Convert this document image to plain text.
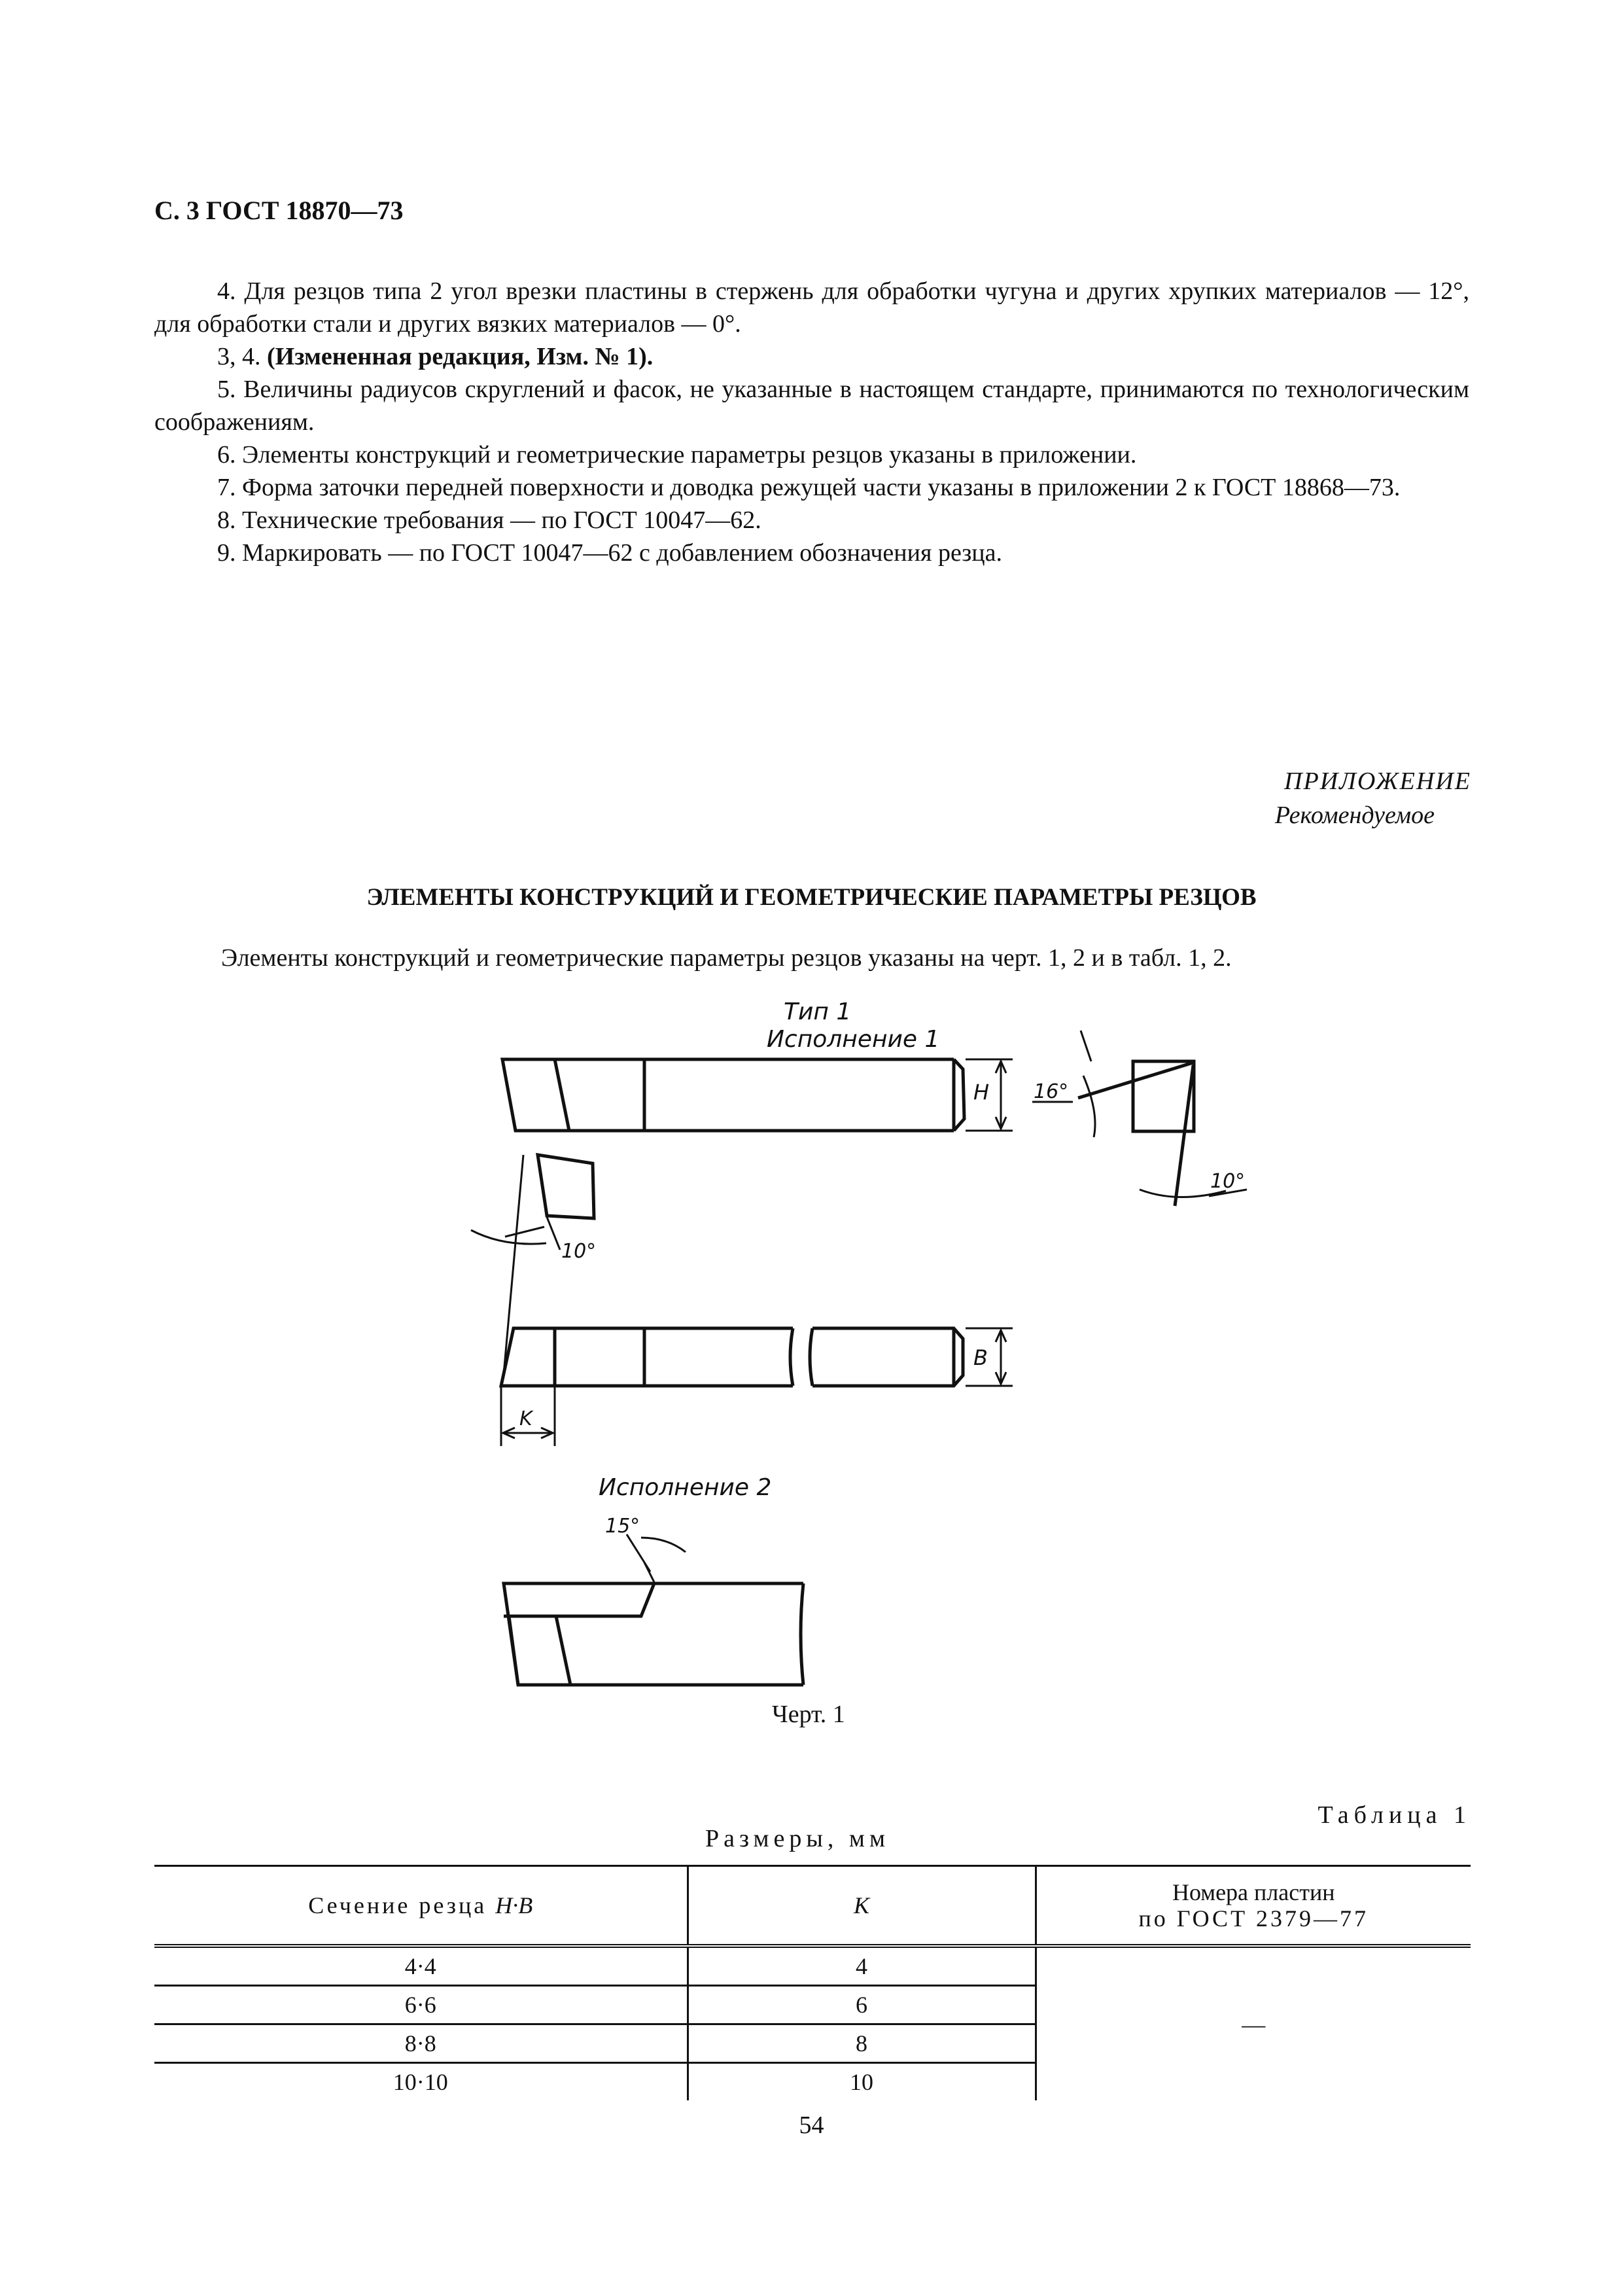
С. 3 ГОСТ 18870—73

4. Для резцов типа 2 угол врезки пластины в стержень для обработки чугуна и других хрупких материалов — 12°, для обработки стали и других вязких материалов — 0°.

3, 4. (Измененная редакция, Изм. № 1).

5. Величины радиусов скруглений и фасок, не указанные в настоящем стандарте, принимаются по технологическим соображениям.

6. Элементы конструкций и геометрические параметры резцов указаны в приложении.

7. Форма заточки передней поверхности и доводка режущей части указаны в приложении 2 к ГОСТ 18868—73.

8. Технические требования — по ГОСТ 10047—62.

9. Маркировать — по ГОСТ 10047—62 с добавлением обозначения резца.

ПРИЛОЖЕНИЕ
Рекомендуемое
ЭЛЕМЕНТЫ КОНСТРУКЦИЙ И ГЕОМЕТРИЧЕСКИЕ ПАРАМЕТРЫ РЕЗЦОВ
Элементы конструкций и геометрические параметры резцов указаны на черт. 1, 2 и в табл. 1, 2.
Тип 1
Исполнение 1
H
B
K
16°
10°
10°
15°
Исполнение 2
Черт. 1
Таблица 1
Размеры, мм
Сечение резца H·B	K	Номера пластин
по ГОСТ 2379—77
4·4	4	—
6·6	6	
8·8	8	
10·10	10	
54
